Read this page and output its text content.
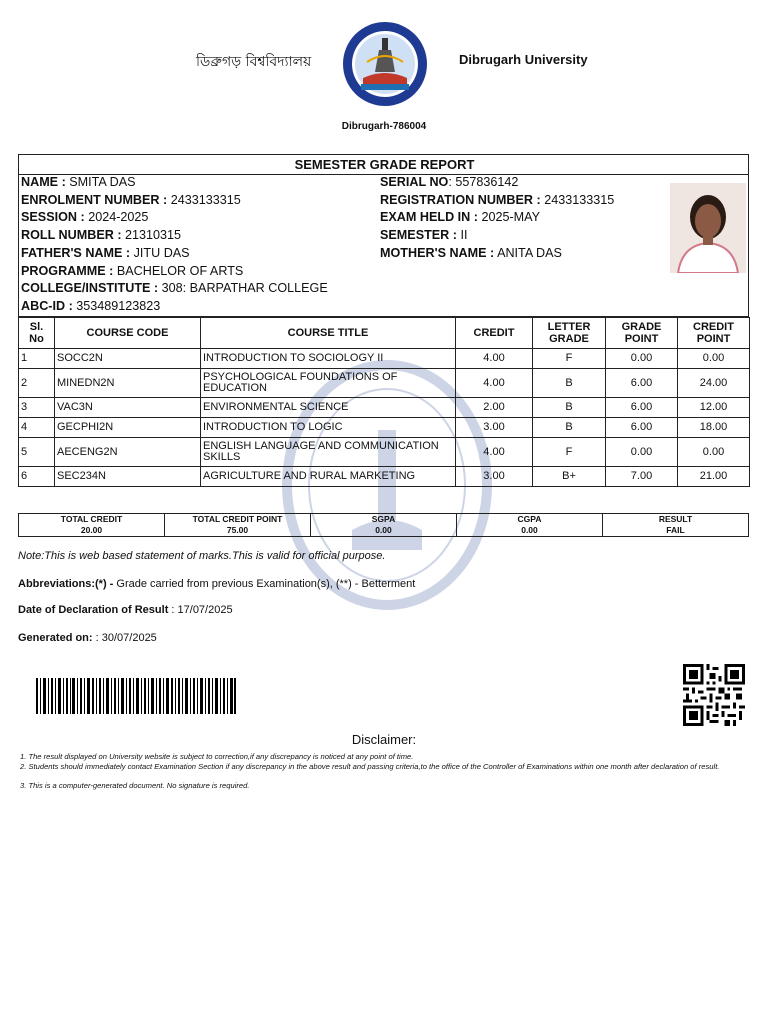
ডিব্ৰুগড় বিশ্ববিদ্যালয়	Dibrugarh University
Dibrugarh-786004
SEMESTER GRADE REPORT
NAME : SMITA DAS	SERIAL NO: 557836142
ENROLMENT NUMBER : 2433133315	REGISTRATION NUMBER : 2433133315
SESSION : 2024-2025	EXAM HELD IN : 2025-MAY
ROLL NUMBER : 21310315	SEMESTER : II
FATHER'S NAME : JITU DAS	MOTHER'S NAME : ANITA DAS
PROGRAMME : BACHELOR OF ARTS
COLLEGE/INSTITUTE : 308: BARPATHAR COLLEGE
ABC-ID : 353489123823
Sl. No	COURSE CODE	COURSE TITLE	CREDIT	LETTER GRADE	GRADE POINT	CREDIT POINT
1	SOCC2N	INTRODUCTION TO SOCIOLOGY II	4.00	F	0.00	0.00
2	MINEDN2N	PSYCHOLOGICAL FOUNDATIONS OF EDUCATION	4.00	B	6.00	24.00
3	VAC3N	ENVIRONMENTAL SCIENCE	2.00	B	6.00	12.00
4	GECPHI2N	INTRODUCTION TO LOGIC	3.00	B	6.00	18.00
5	AECENG2N	ENGLISH LANGUAGE AND COMMUNICATION SKILLS	4.00	F	0.00	0.00
6	SEC234N	AGRICULTURE AND RURAL MARKETING	3.00	B+	7.00	21.00
TOTAL CREDIT	TOTAL CREDIT POINT	SGPA	CGPA	RESULT
20.00	75.00	0.00	0.00	FAIL
Note:This is web based statement of marks.This is valid for official purpose.
Abbreviations:(*) - Grade carried from previous Examination(s), (**) - Betterment
Date of Declaration of Result : 17/07/2025
Generated on: : 30/07/2025
Disclaimer:
1. The result displayed on University website is subject to correction,if any discrepancy is noticed at any point of time.
2. Students should immediately contact Examination Section if any discrepancy in the above result and passing criteria,to the office of the Controller of Examinations within one month after declaration of result.
3. This is a computer-generated document. No signature is required.
